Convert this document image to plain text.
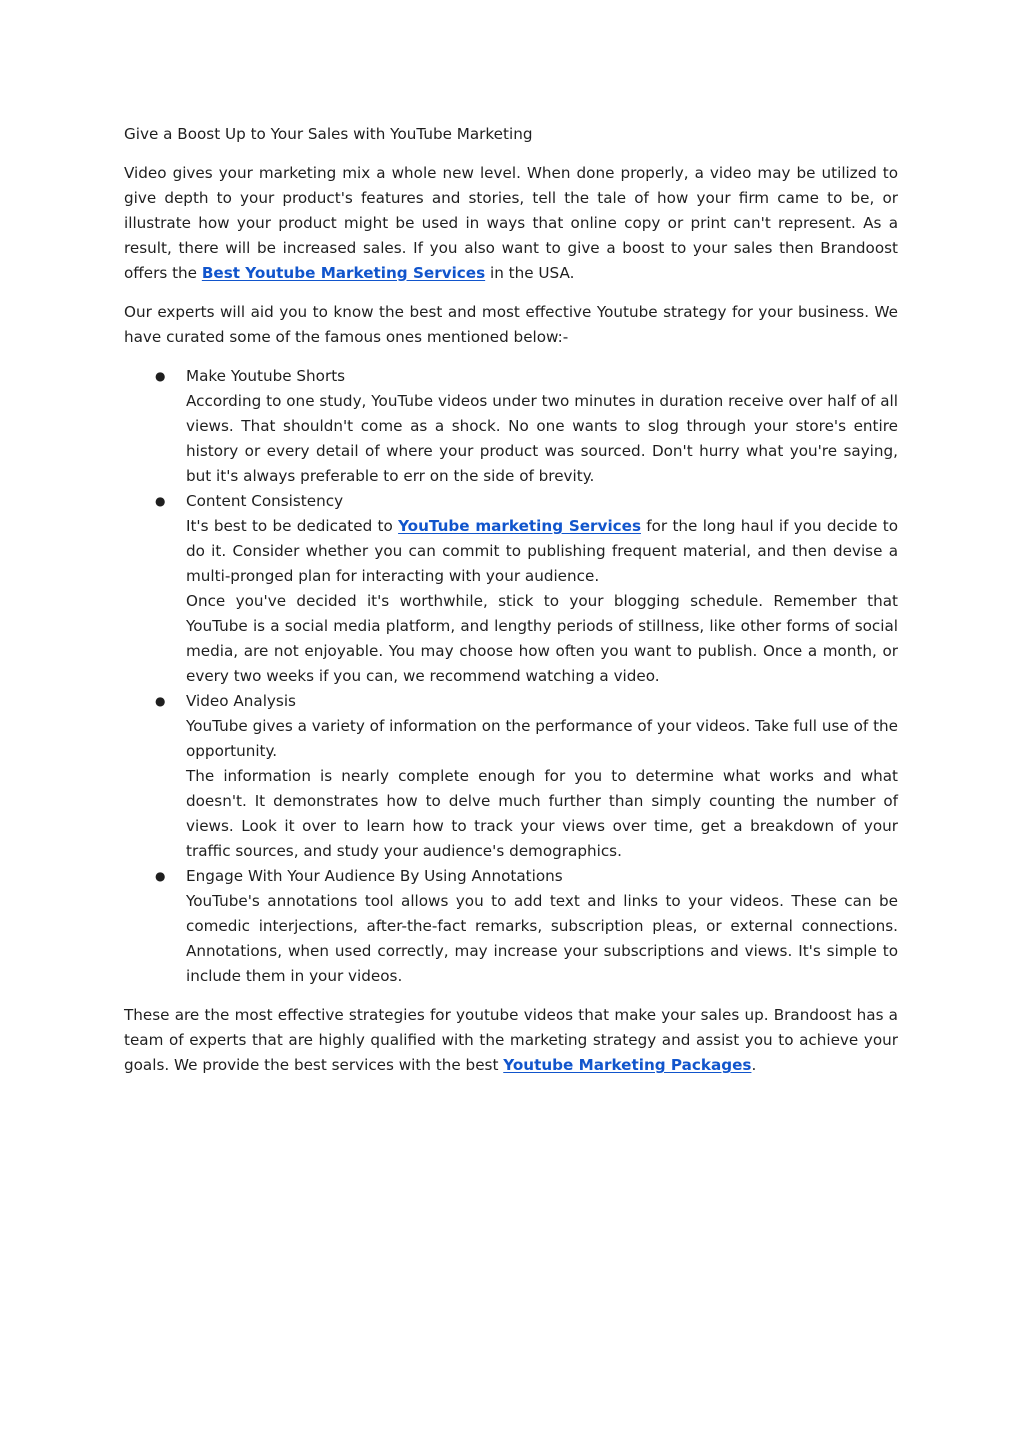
Give a Boost Up to Your Sales with YouTube Marketing

Video gives your marketing mix a whole new level. When done properly, a video may be utilized to give depth to your product's features and stories, tell the tale of how your firm came to be, or illustrate how your product might be used in ways that online copy or print can't represent. As a result, there will be increased sales. If you also want to give a boost to your sales then Brandoost offers the Best Youtube Marketing Services in the USA.

Our experts will aid you to know the best and most effective Youtube strategy for your business. We have curated some of the famous ones mentioned below:-

● Make Youtube Shorts

According to one study, YouTube videos under two minutes in duration receive over half of all views. That shouldn't come as a shock. No one wants to slog through your store's entire history or every detail of where your product was sourced. Don't hurry what you're saying, but it's always preferable to err on the side of brevity.

● Content Consistency

It's best to be dedicated to YouTube marketing Services for the long haul if you decide to do it. Consider whether you can commit to publishing frequent material, and then devise a multi-pronged plan for interacting with your audience.

Once you've decided it's worthwhile, stick to your blogging schedule. Remember that YouTube is a social media platform, and lengthy periods of stillness, like other forms of social media, are not enjoyable. You may choose how often you want to publish. Once a month, or every two weeks if you can, we recommend watching a video.

● Video Analysis

YouTube gives a variety of information on the performance of your videos. Take full use of the opportunity.

The information is nearly complete enough for you to determine what works and what doesn't. It demonstrates how to delve much further than simply counting the number of views. Look it over to learn how to track your views over time, get a breakdown of your traffic sources, and study your audience's demographics.

● Engage With Your Audience By Using Annotations

YouTube's annotations tool allows you to add text and links to your videos. These can be comedic interjections, after-the-fact remarks, subscription pleas, or external connections. Annotations, when used correctly, may increase your subscriptions and views. It's simple to include them in your videos.

These are the most effective strategies for youtube videos that make your sales up. Brandoost has a team of experts that are highly qualified with the marketing strategy and assist you to achieve your goals. We provide the best services with the best Youtube Marketing Packages.
